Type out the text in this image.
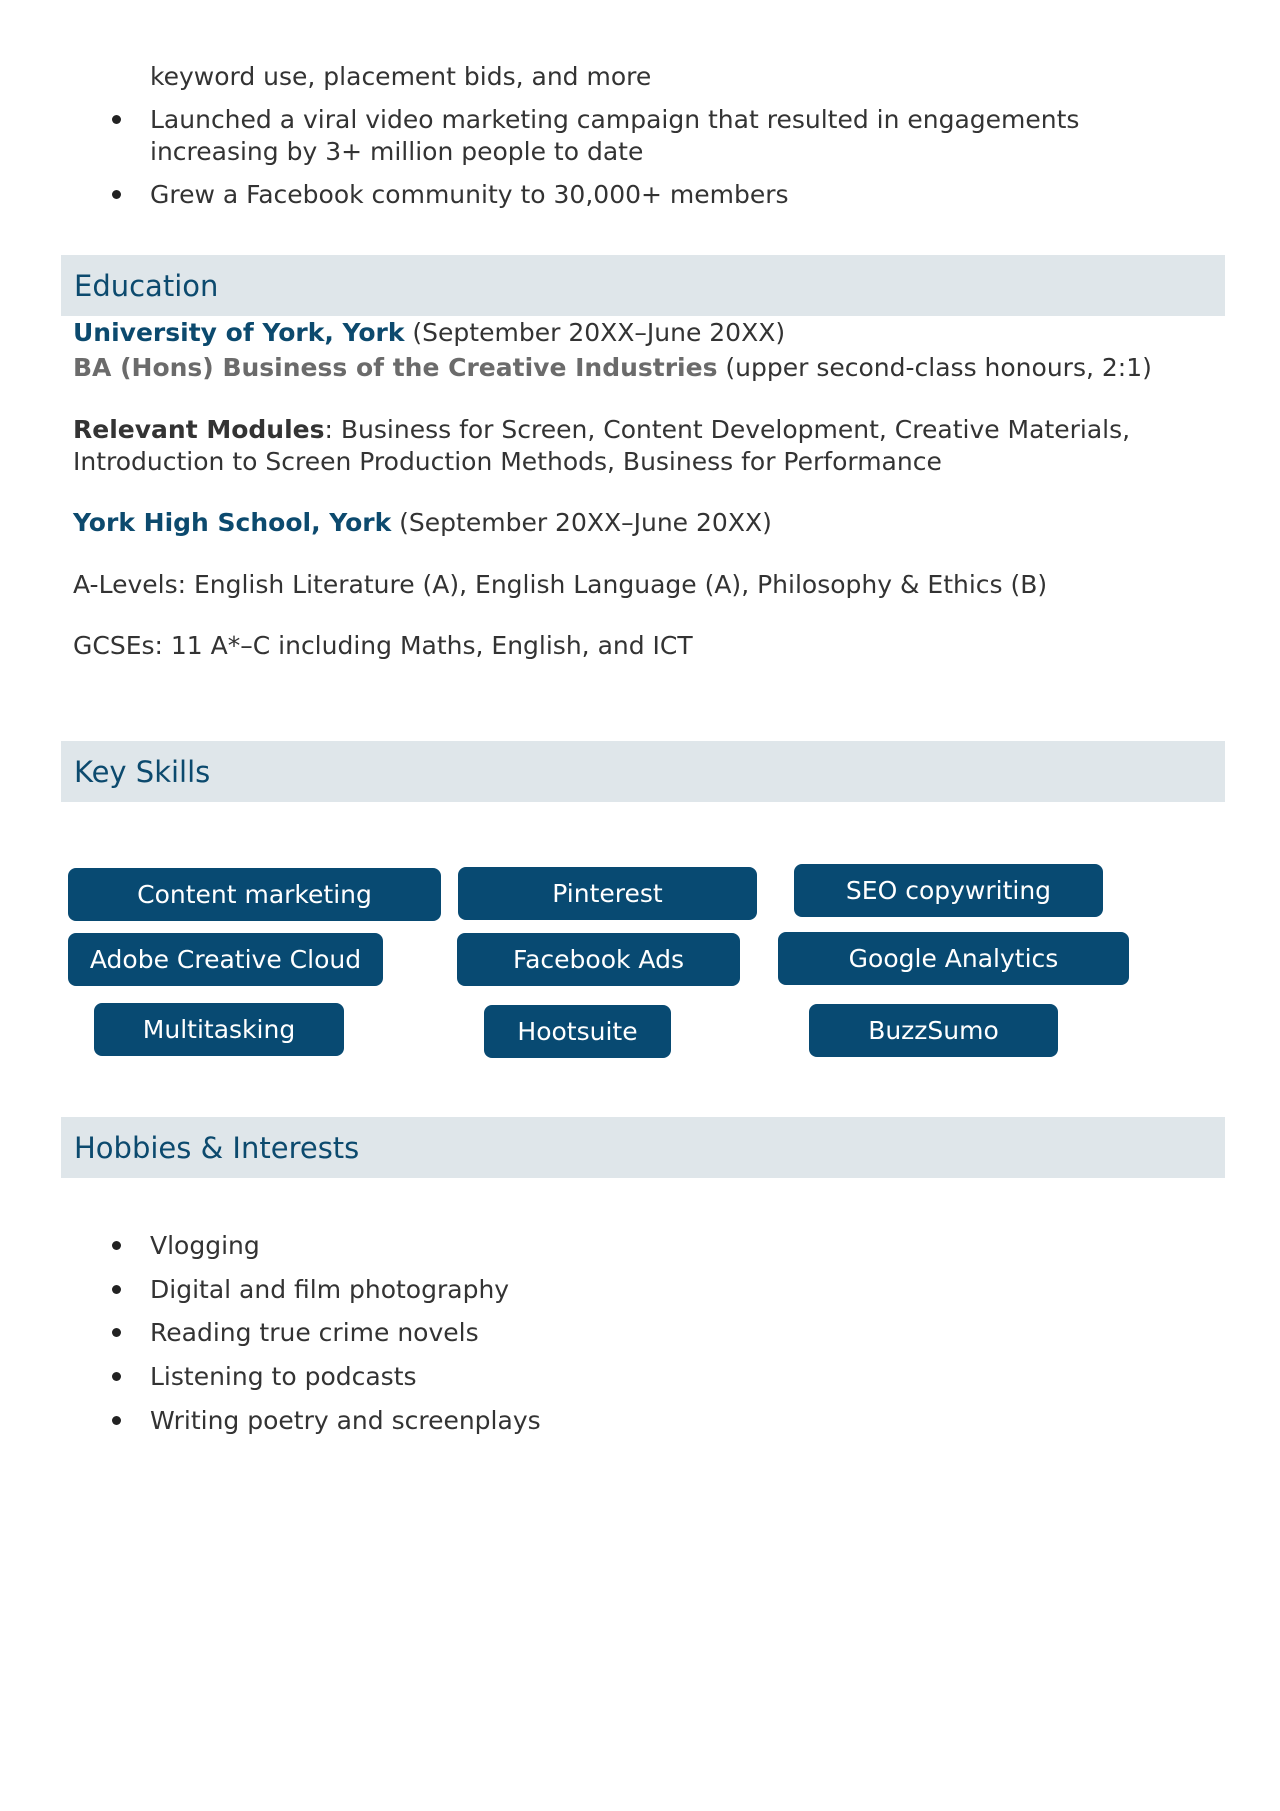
keyword use, placement bids, and more
Launched a viral video marketing campaign that resulted in engagements
increasing by 3+ million people to date
Grew a Facebook community to 30,000+ members
Education
University of York, York (September 20XX–June 20XX)
BA (Hons) Business of the Creative Industries (upper second-class honours, 2:1)
Relevant Modules: Business for Screen, Content Development, Creative Materials,
Introduction to Screen Production Methods, Business for Performance
York High School, York (September 20XX–June 20XX)
A-Levels: English Literature (A), English Language (A), Philosophy & Ethics (B)
GCSEs: 11 A*–C including Maths, English, and ICT
Key Skills
Content marketing	Pinterest	SEO copywriting
Adobe Creative Cloud	Facebook Ads	Google Analytics
Multitasking	Hootsuite	BuzzSumo
Hobbies & Interests
Vlogging
Digital and film photography
Reading true crime novels
Listening to podcasts
Writing poetry and screenplays
